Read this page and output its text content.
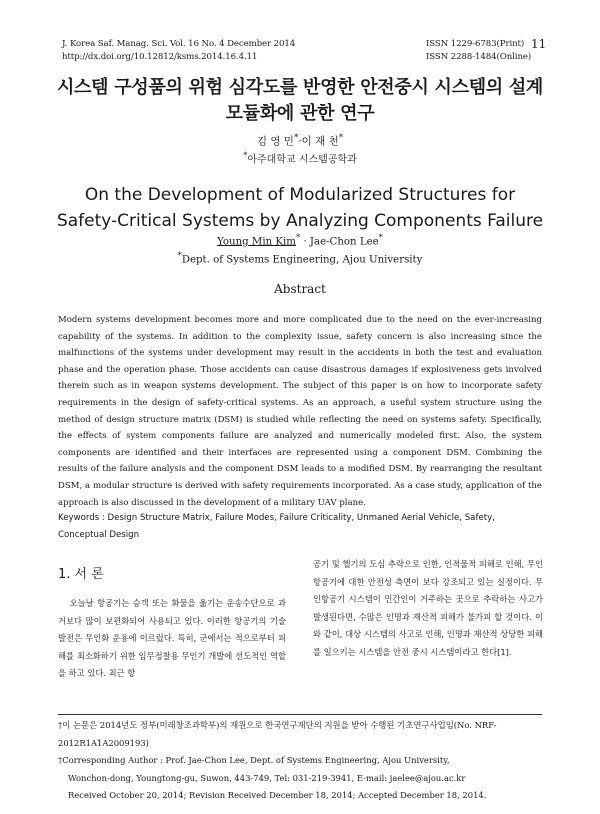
J. Korea Saf. Manag. Sci. Vol. 16 No. 4 December 2014
http://dx.doi.org/10.12812/ksms.2014.16.4.11
ISSN 1229-6783(Print)
ISSN 2288-1484(Online)
11
시스템 구성품의 위험 심각도를 반영한 안전중시 시스템의 설계
모듈화에 관한 연구
김 영 민*·이 재 천*
*아주대학교 시스템공학과
On the Development of Modularized Structures for
Safety-Critical Systems by Analyzing Components Failure
Young Min Kim* · Jae-Chon Lee*
*Dept. of Systems Engineering, Ajou University
Abstract

Modern systems development becomes more and more complicated due to the need on the ever-increasing capability of the systems. In addition to the complexity issue, safety concern is also increasing since the malfunctions of the systems under development may result in the accidents in both the test and evaluation phase and the operation phase. Those accidents can cause disastrous damages if explosiveness gets involved therein such as in weapon systems development. The subject of this paper is on how to incorporate safety requirements in the design of safety-critical systems. As an approach, a useful system structure using the method of design structure matrix (DSM) is studied while reflecting the need on systems safety. Specifically, the effects of system components failure are analyzed and numerically modeled first. Also, the system components are identified and their interfaces are represented using a component DSM. Combining the results of the failure analysis and the component DSM leads to a modified DSM. By rearranging the resultant DSM, a modular structure is derived with safety requirements incorporated. As a case study, application of the approach is also discussed in the development of a military UAV plane.

Keywords : Design Structure Matrix, Failure Modes, Failure Criticality, Unmaned Aerial Vehicle, Safety, Conceptual Design

1. 서 론

오늘날 항공기는 승객 또는 화물을 옮기는 운송수단으로 과거보다 많이 보편화되어 사용되고 있다. 이러한 항공기의 기술 발전은 무인화 운용에 이르렀다. 특히, 군에서는 적으로부터 피해를 최소화하기 위한 임무정찰용 무인기 개발에 선도적인 역할을 하고 있다. 최근 항

공기 및 헬기의 도심 추락으로 인한, 인적물적 피해로 인해, 무인 항공기에 대한 안전성 측면이 보다 강조되고 있는 실정이다. 무인항공기 시스템이 민간인이 거주하는 곳으로 추락하는 사고가 발생된다면, 수많은 인명과 재산적 피해가 불가피 할 것이다. 이와 같이, 대상 시스템의 사고로 인해, 인명과 재산적 상당한 피해를 일으키는 시스템을 안전 중시 시스템이라고 한다[1].

†이 논문은 2014년도 정부(미래창조과학부)의 재원으로 한국연구재단의 지원을 받아 수행된 기초연구사업임(No. NRF-2012R1A1A2009193)
†Corresponding Author : Prof. Jae-Chon Lee, Dept. of Systems Engineering, Ajou University,
Wonchon-dong, Youngtong-gu, Suwon, 443-749, Tel: 031-219-3941, E-mail: jaelee@ajou.ac.kr
Received October 20, 2014; Revision Received December 18, 2014; Accepted December 18, 2014.
